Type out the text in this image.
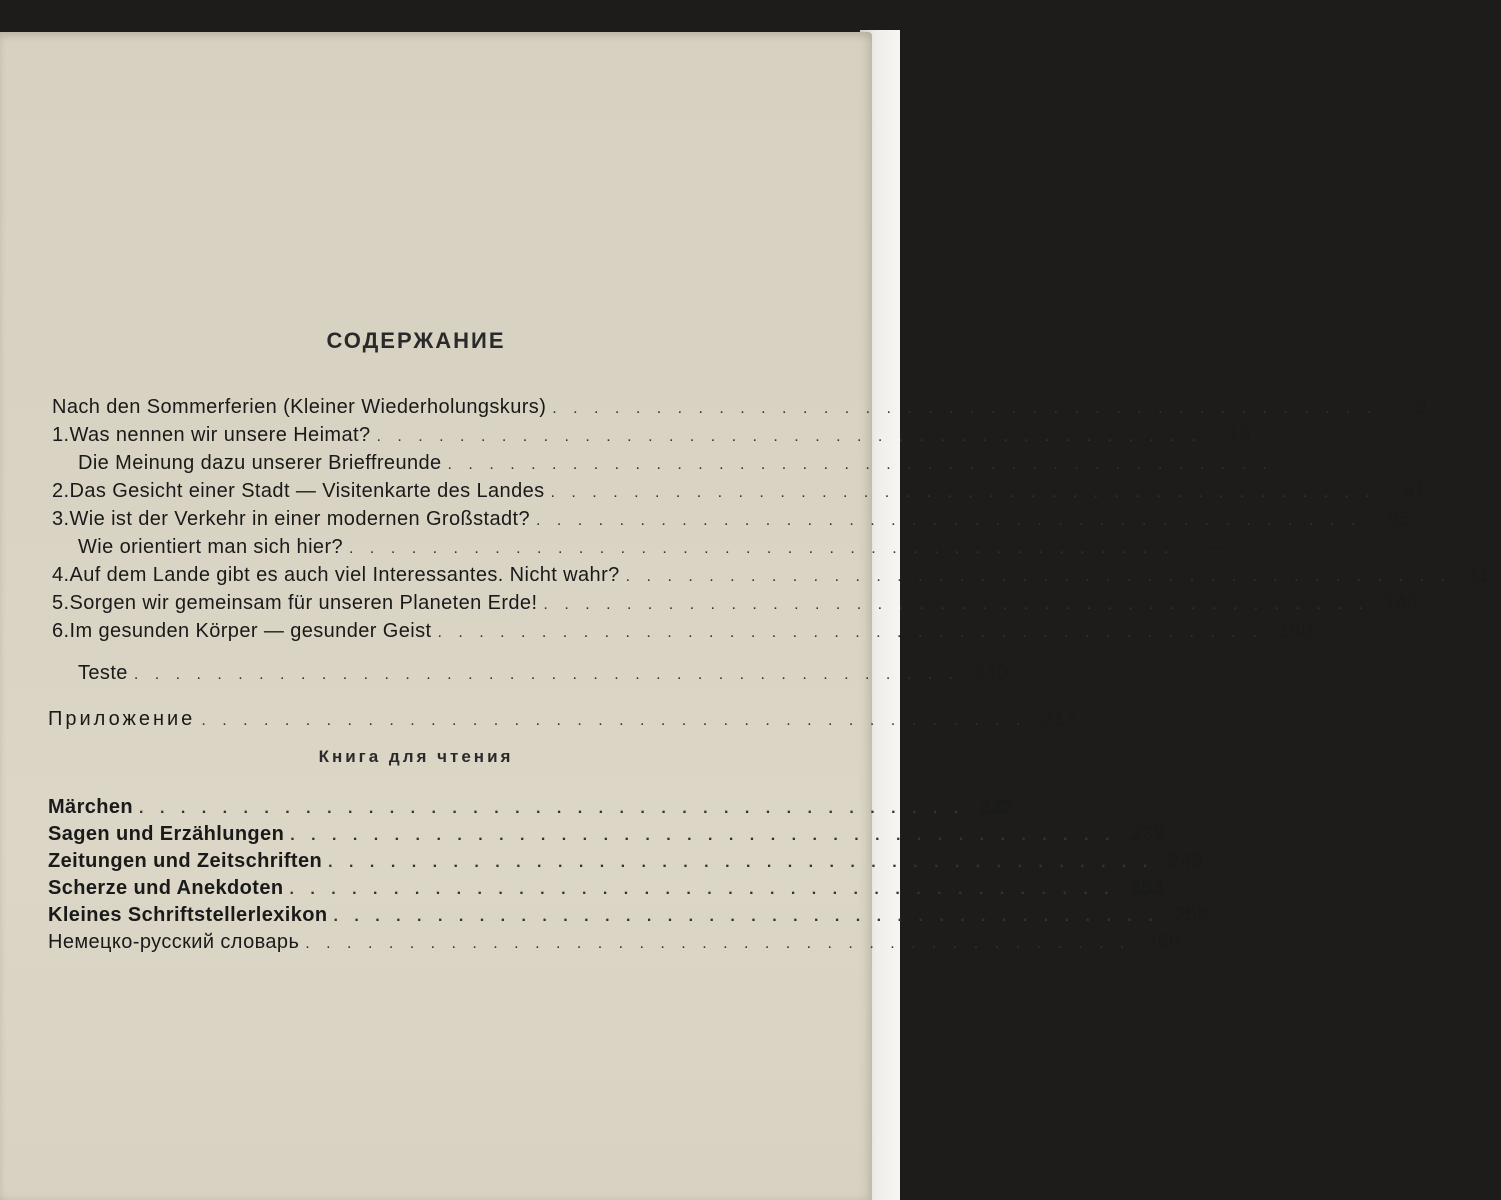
СОДЕРЖАНИЕ
Nach den Sommerferien (Kleiner Wiederholungskurs) . . . . . . . . . . . . . . . . . . . . . . . . . . . . . . . . . . . . . . . .	3
1. Was nennen wir unsere Heimat? . . . . . . . . . . . . . . . . . . . . . . . . . . . . . . . . . . . . . . . .	18
Die Meinung dazu unserer Brieffreunde . . . . . . . . . . . . . . . . . . . . . . . . . . . . . . . . . . . . . . . .	—
2. Das Gesicht einer Stadt — Visitenkarte des Landes . . . . . . . . . . . . . . . . . . . . . . . . . . . . . . . . . . . . . . . .	51
3. Wie ist der Verkehr in einer modernen Großstadt? . . . . . . . . . . . . . . . . . . . . . . . . . . . . . . . . . . . . . . . .	85
Wie orientiert man sich hier? . . . . . . . . . . . . . . . . . . . . . . . . . . . . . . . . . . . . . . . .	—
4. Auf dem Lande gibt es auch viel Interessantes. Nicht wahr? . . . . . . . . . . . . . . . . . . . . . . . . . . . . . . . . . . . . . . . . 117
5. Sorgen wir gemeinsam für unseren Planeten Erde! . . . . . . . . . . . . . . . . . . . . . . . . . . . . . . . . . . . . . . . . 146
6. Im gesunden Körper — gesunder Geist . . . . . . . . . . . . . . . . . . . . . . . . . . . . . . . . . . . . . . . . 180
Teste . . . . . . . . . . . . . . . . . . . . . . . . . . . . . . . . . . . . . . . . 210
Приложение . . . . . . . . . . . . . . . . . . . . . . . . . . . . . . . . . . . . . . . . 217
Книга для чтения
Märchen . . . . . . . . . . . . . . . . . . . . . . . . . . . . . . . . . . . . . . . . 222
Sagen und Erzählungen . . . . . . . . . . . . . . . . . . . . . . . . . . . . . . . . . . . . . . . . 239
Zeitungen und Zeitschriften . . . . . . . . . . . . . . . . . . . . . . . . . . . . . . . . . . . . . . . . 249
Scherze und Anekdoten . . . . . . . . . . . . . . . . . . . . . . . . . . . . . . . . . . . . . . . . 253
Kleines Schriftstellerlexikon . . . . . . . . . . . . . . . . . . . . . . . . . . . . . . . . . . . . . . . . 258
Немецко-русский словарь . . . . . . . . . . . . . . . . . . . . . . . . . . . . . . . . . . . . . . . . 260
